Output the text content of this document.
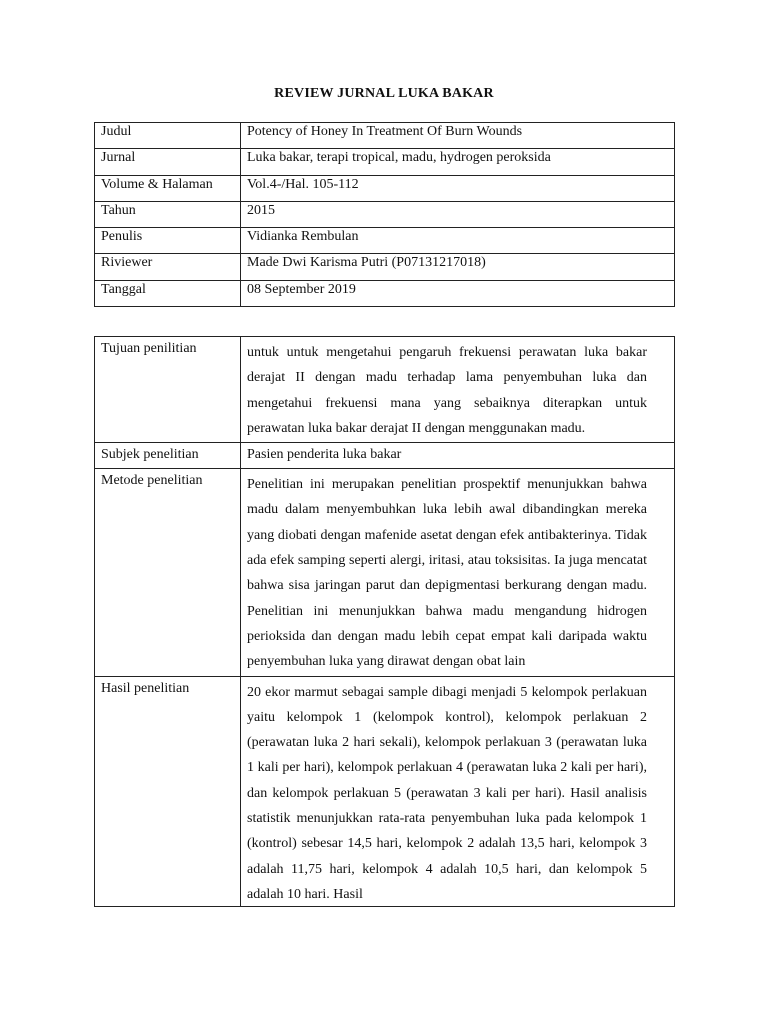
REVIEW JURNAL LUKA BAKAR
Judul	Potency of Honey In Treatment Of Burn Wounds
Jurnal	Luka bakar, terapi tropical, madu, hydrogen peroksida
Volume & Halaman	Vol.4-/Hal. 105-112
Tahun	2015
Penulis	Vidianka Rembulan
Riviewer	Made Dwi Karisma Putri (P07131217018)
Tanggal	08 September 2019
Tujuan penilitian	untuk untuk mengetahui pengaruh frekuensi perawatan luka bakar derajat II dengan madu terhadap lama penyembuhan luka dan mengetahui frekuensi mana yang sebaiknya diterapkan untuk perawatan luka bakar derajat II dengan menggunakan madu.
Subjek penelitian	Pasien penderita luka bakar
Metode penelitian	Penelitian ini merupakan penelitian prospektif menunjukkan bahwa madu dalam menyembuhkan luka lebih awal dibandingkan mereka yang diobati dengan mafenide asetat dengan efek antibakterinya. Tidak ada efek samping seperti alergi, iritasi, atau toksisitas. Ia juga mencatat bahwa sisa jaringan parut dan depigmentasi berkurang dengan madu. Penelitian ini menunjukkan bahwa madu mengandung hidrogen perioksida dan dengan madu lebih cepat empat kali daripada waktu penyembuhan luka yang dirawat dengan obat lain
Hasil penelitian	20 ekor marmut sebagai sample dibagi menjadi 5 kelompok perlakuan yaitu kelompok 1 (kelompok kontrol), kelompok perlakuan 2 (perawatan luka 2 hari sekali), kelompok perlakuan 3 (perawatan luka 1 kali per hari), kelompok perlakuan 4 (perawatan luka 2 kali per hari), dan kelompok perlakuan 5 (perawatan 3 kali per hari). Hasil analisis statistik menunjukkan rata-rata penyembuhan luka pada kelompok 1 (kontrol) sebesar 14,5 hari, kelompok 2 adalah 13,5 hari, kelompok 3 adalah 11,75 hari, kelompok 4 adalah 10,5 hari, dan kelompok 5 adalah 10 hari. Hasil
